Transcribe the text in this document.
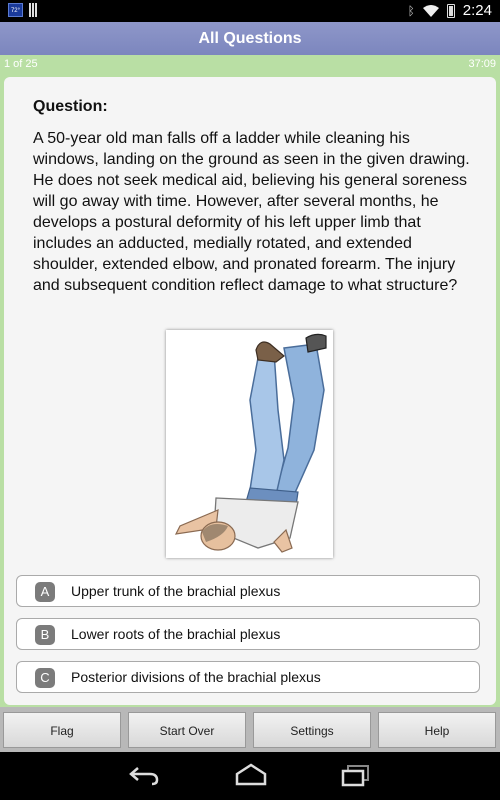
72°	ᛒ	2:24
All Questions
1 of 25	37:09
Question:
A 50-year old man falls off a ladder while cleaning his windows, landing on the ground as seen in the given drawing. He does not seek medical aid, believing his general soreness will go away with time. However, after several months, he develops a postural deformity of his left upper limb that includes an adducted, medially rotated, and extended shoulder, extended elbow, and pronated forearm. The injury and subsequent condition reflect damage to what structure?
A	Upper trunk of the brachial plexus
B	Lower roots of the brachial plexus
C	Posterior divisions of the brachial plexus
Flag	Start Over	Settings	Help
